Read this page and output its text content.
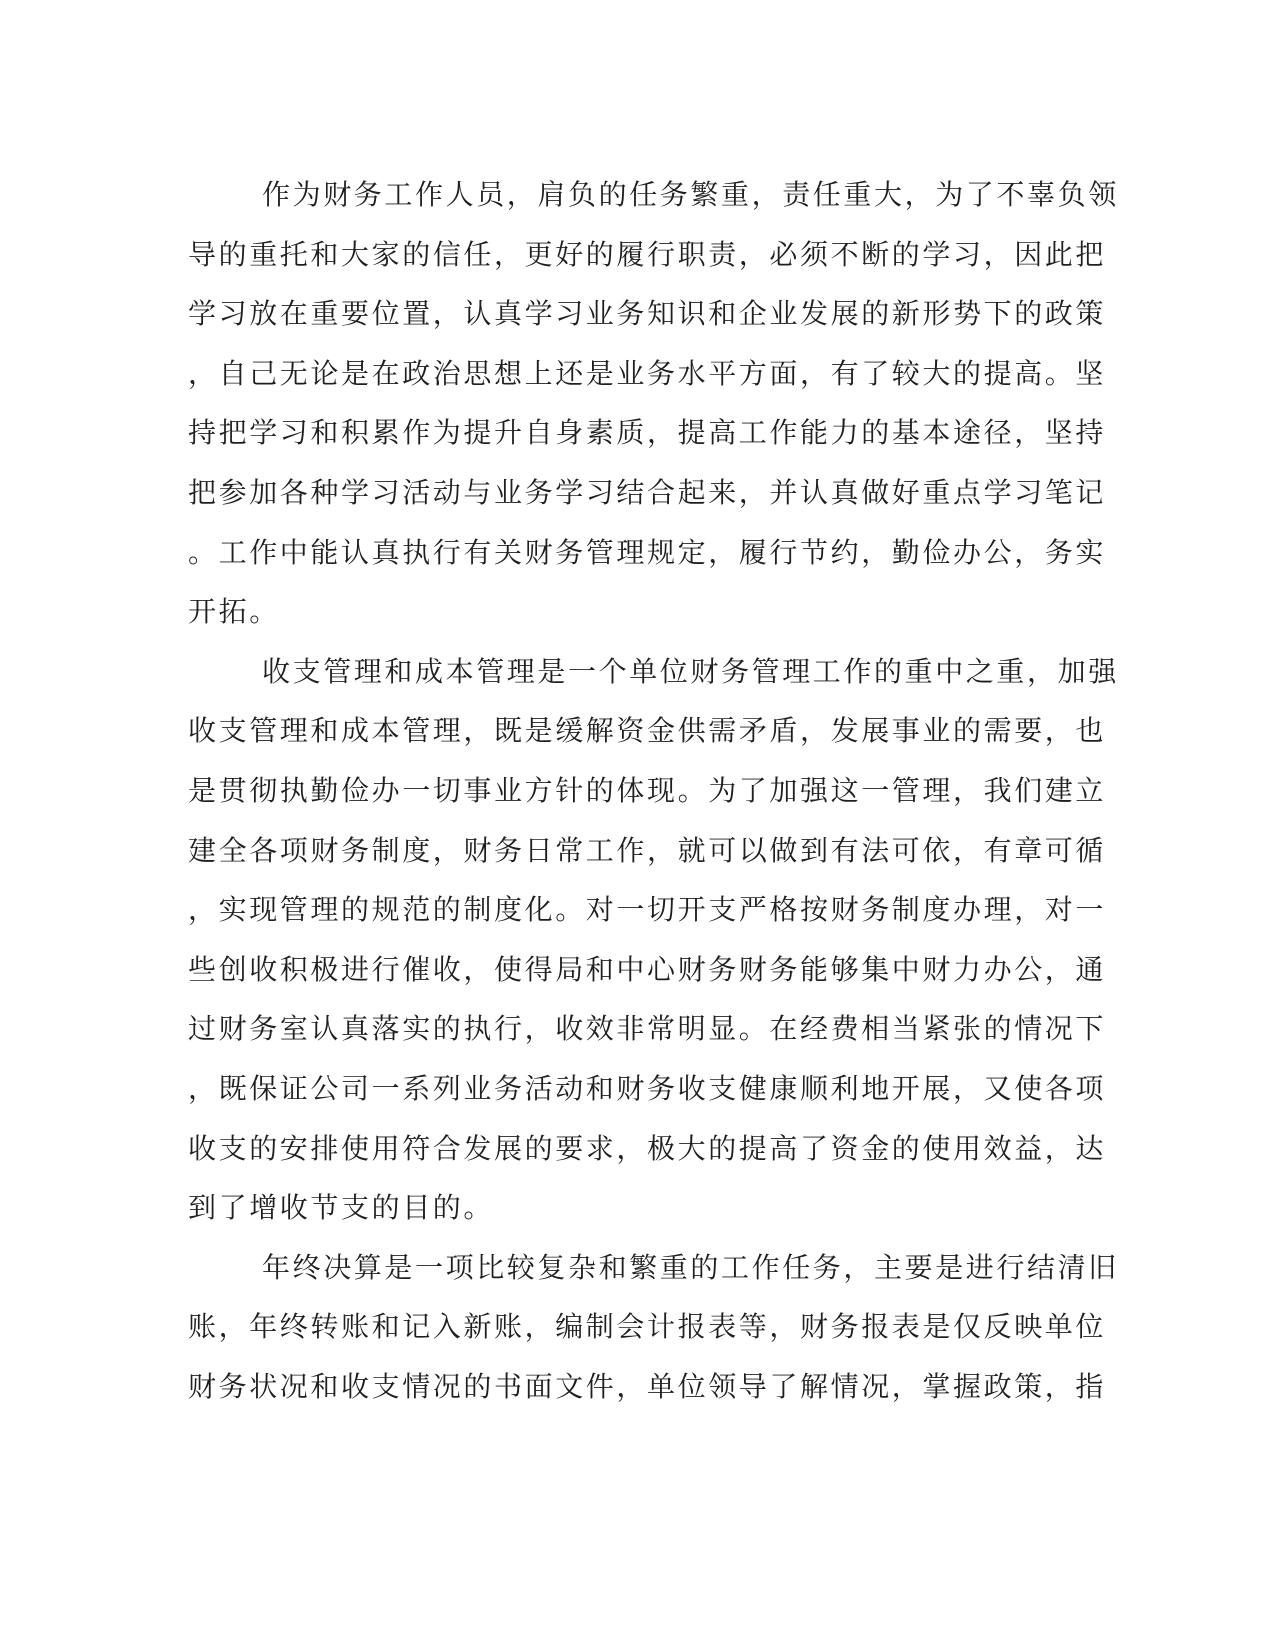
作为财务工作人员，肩负的任务繁重，责任重大，为了不辜负领
导的重托和大家的信任，更好的履行职责，必须不断的学习，因此把
学习放在重要位置，认真学习业务知识和企业发展的新形势下的政策
，自己无论是在政治思想上还是业务水平方面，有了较大的提高。坚
持把学习和积累作为提升自身素质，提高工作能力的基本途径，坚持
把参加各种学习活动与业务学习结合起来，并认真做好重点学习笔记
。工作中能认真执行有关财务管理规定，履行节约，勤俭办公，务实
开拓。
收支管理和成本管理是一个单位财务管理工作的重中之重，加强
收支管理和成本管理，既是缓解资金供需矛盾，发展事业的需要，也
是贯彻执勤俭办一切事业方针的体现。为了加强这一管理，我们建立
建全各项财务制度，财务日常工作，就可以做到有法可依，有章可循
，实现管理的规范的制度化。对一切开支严格按财务制度办理，对一
些创收积极进行催收，使得局和中心财务财务能够集中财力办公，通
过财务室认真落实的执行，收效非常明显。在经费相当紧张的情况下
，既保证公司一系列业务活动和财务收支健康顺利地开展，又使各项
收支的安排使用符合发展的要求，极大的提高了资金的使用效益，达
到了增收节支的目的。
年终决算是一项比较复杂和繁重的工作任务，主要是进行结清旧
账，年终转账和记入新账，编制会计报表等，财务报表是仅反映单位
财务状况和收支情况的书面文件，单位领导了解情况，掌握政策，指
